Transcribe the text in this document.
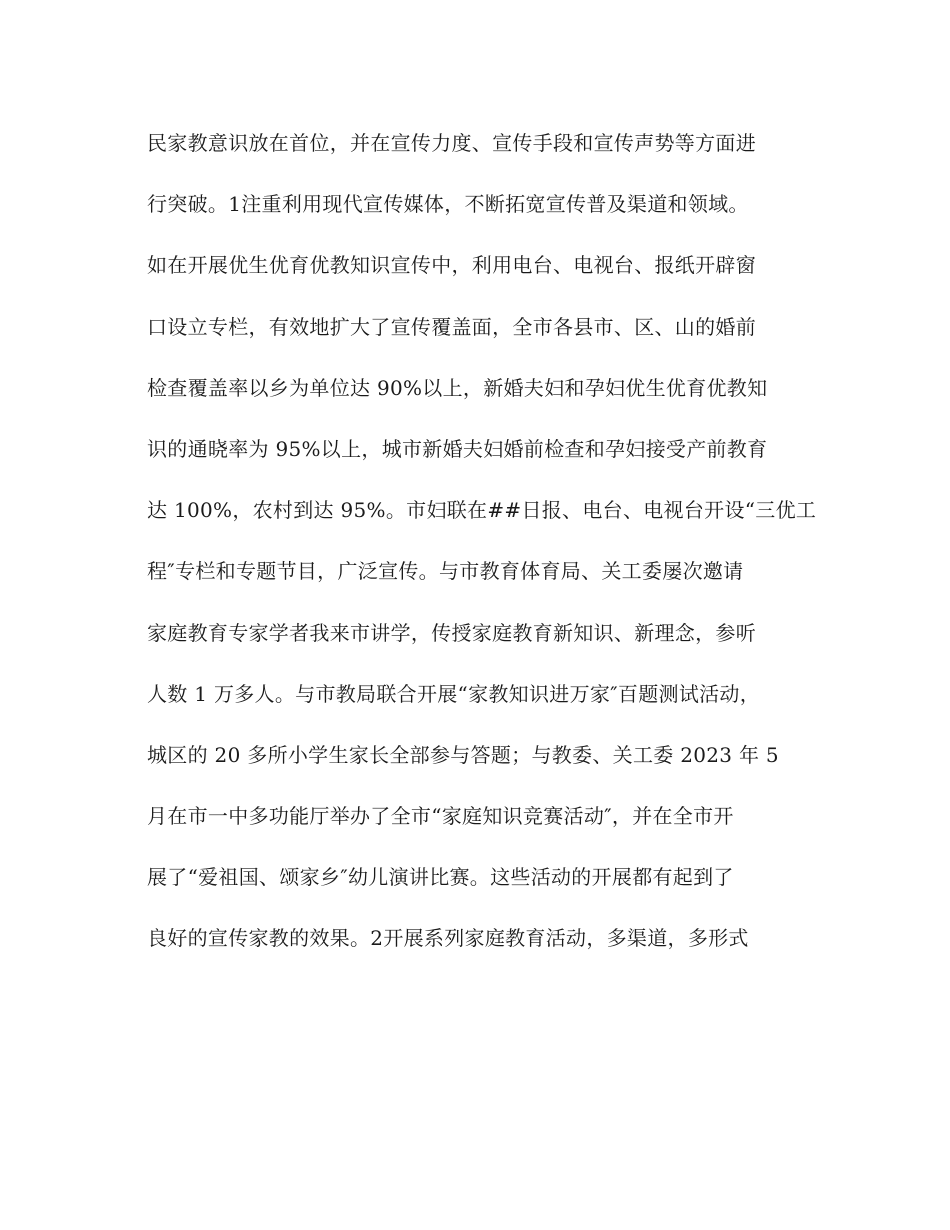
民家教意识放在首位，并在宣传力度、宣传手段和宣传声势等方面进
行突破。1注重利用现代宣传媒体，不断拓宽宣传普及渠道和领域。
如在开展优生优育优教知识宣传中，利用电台、电视台、报纸开辟窗
口设立专栏，有效地扩大了宣传覆盖面，全市各县市、区、山的婚前
检查覆盖率以乡为单位达 90%以上，新婚夫妇和孕妇优生优育优教知
识的通晓率为 95%以上，城市新婚夫妇婚前检查和孕妇接受产前教育
达 100%，农村到达 95%。市妇联在##日报、电台、电视台开设“三优工
程″专栏和专题节目，广泛宣传。与市教育体育局、关工委屡次邀请
家庭教育专家学者我来市讲学，传授家庭教育新知识、新理念，参听
人数 1 万多人。与市教局联合开展“家教知识进万家″百题测试活动，
城区的 20 多所小学生家长全部参与答题；与教委、关工委 2023 年 5
月在市一中多功能厅举办了全市“家庭知识竞赛活动″，并在全市开
展了“爱祖国、颂家乡″幼儿演讲比赛。这些活动的开展都有起到了
良好的宣传家教的效果。2开展系列家庭教育活动，多渠道，多形式
